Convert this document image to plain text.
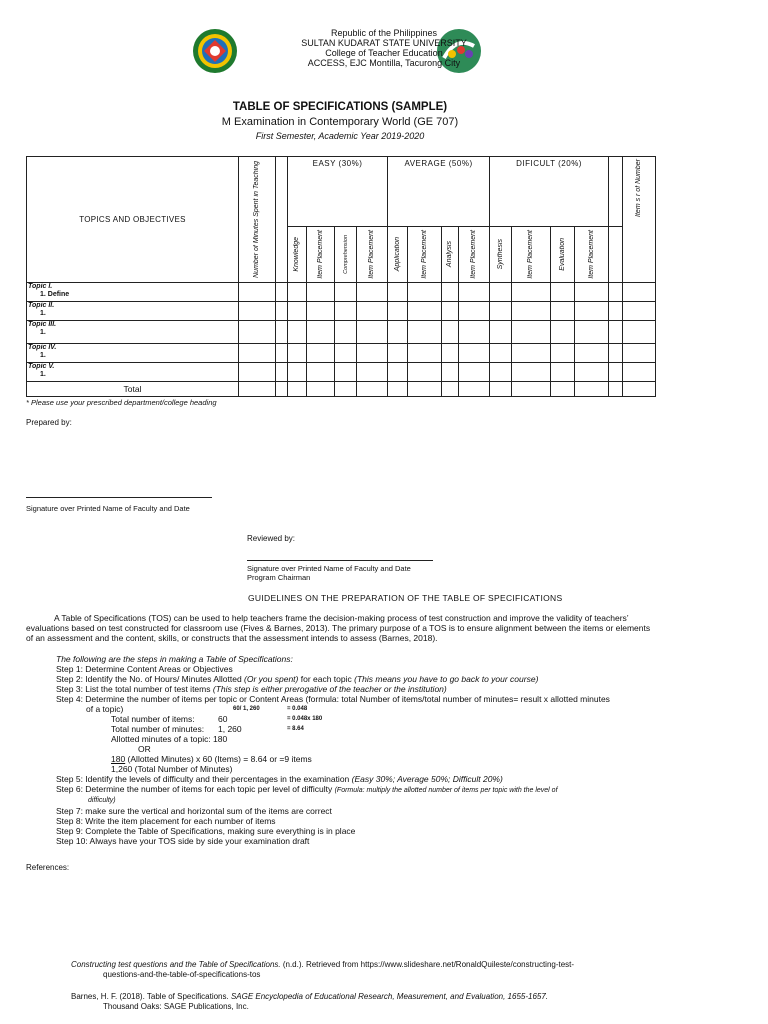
Republic of the Philippines
SULTAN KUDARAT STATE UNIVERSITY
College of Teacher Education
ACCESS, EJC Montilla, Tacurong City
TABLE OF SPECIFICATIONS (SAMPLE)
M Examination in Contemporary World (GE 707)
First Semester, Academic Year 2019-2020
TOPICS AND OBJECTIVES	Number of Minutes Spent in Teaching		EASY (30%)				AVERAGE (50%)				DIFICULT (20%)					Item s r of Number

			Knowledge	Item Placement	Comprehension	Item Placement	Application	Item Placement	Analysis	Item Placement	Synthesis	Item Placement	Evaluation	Item Placement		

Topic I.
1. Define																

Topic II.
1.																

Topic III.
1.																

Topic IV.
1.																

Topic V.
1.																

Total																
* Please use your prescribed department/college heading
Prepared by:
Signature over Printed Name of Faculty and Date
Reviewed by:
Signature over Printed Name of Faculty and Date
Program Chairman
GUIDELINES ON THE PREPARATION OF THE TABLE OF SPECIFICATIONS
A Table of Specifications (TOS) can be used to help teachers frame the decision-making process of test construction and improve the validity of teachers’ evaluations based on test constructed for classroom use (Fives & Barnes, 2013). The primary purpose of a TOS is to ensure alignment between the items or elements of an assessment and the content, skills, or constructs that the assessment intends to assess (Barnes, 2018).
The following are the steps in making a Table of Specifications:
Step 1: Determine Content Areas or Objectives
Step 2: Identify the No. of Hours/ Minutes Allotted (Or you spent) for each topic (This means you have to go back to your course)
Step 3: List the total number of test items (This step is either prerogative of the teacher or the institution)
Step 4: Determine the number of items per topic or Content Areas (formula: total Number of items/total number of minutes= result x allotted minutes
of a topic)	60/ 1, 260	= 0.048
Total number of items:	60	= 0.048x 180
Total number of minutes: 1, 260	= 8.64
Allotted minutes of a topic: 180
OR
180 (Allotted Minutes) x 60 (Items) = 8.64 or =9 items
1,260 (Total Number of Minutes)
Step 5: Identify the levels of difficulty and their percentages in the examination (Easy 30%; Average 50%; Difficult 20%)
Step 6: Determine the number of items for each topic per level of difficulty (Formula: multiply the allotted number of items per topic with the level of
difficulty)
Step 7: make sure the vertical and horizontal sum of the items are correct
Step 8: Write the item placement for each number of items
Step 9: Complete the Table of Specifications, making sure everything is in place
Step 10: Always have your TOS side by side your examination draft
References:
Constructing test questions and the Table of Specifications. (n.d.). Retrieved from https://www.slideshare.net/RonaldQuileste/constructing-test-
questions-and-the-table-of-specifications-tos
Barnes, H. F. (2018). Table of Specifications. SAGE Encyclopedia of Educational Research, Measurement, and Evaluation, 1655-1657.
Thousand Oaks: SAGE Publications, Inc.
